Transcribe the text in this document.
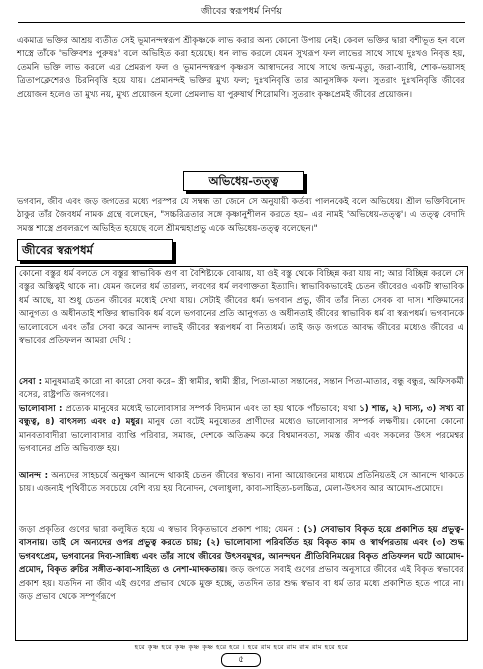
জীবের স্বরূপধর্ম নির্ণয়

একমাত্র ভক্তির আশ্রয় ব্যতীত সেই ভূমানন্দস্বরূপ শ্রীকৃষ্ণকে লাভ করার অন্য কোনো উপায় নেই। কেবল ভক্তির দ্বারা বশীভূত হন বলে শাস্ত্রে তাঁকে 'ভক্তিবশঃ পুরুষঃ' বলে অভিহিত করা হয়েছে। ধন লাভ করলে যেমন সুখরূপ ফল লাভের সাথে সাথে দুঃখও নিবৃত্ত হয়, তেমনি ভক্তি লাভ করলে এর প্রেমরূপ ফল ও ভূমানন্দস্বরূপ কৃষ্ণরস আস্বাদনের সাথে সাথে জন্ম-মৃত্যু, জরা-ব্যাধি, শোক-ভয়াসহ ত্রিতাপক্লেশেরও চিরনিবৃত্তি হয়ে যায়। প্রেমানন্দই ভক্তির মুখ্য ফল; দুঃখনিবৃত্তি তার আনুসঙ্গিক ফল। সুতরাং দুঃখনিবৃত্তি জীবের প্রয়োজন হলেও তা মুখ্য নয়, মুখ্য প্রয়োজন হলো প্রেমলাভ যা পুরুষার্থ শিরোমণি। সুতরাং কৃষ্ণপ্রেমই জীবের প্রয়োজন।

অভিধেয়-তত্ত্ব

ভগবান, জীব এবং জড় জগতের মধ্যে পরস্পর যে সম্বন্ধ তা জেনে সে অনুযায়ী কর্তব্য পালনকেই বলে অভিধেয়। শ্রীল ভক্তিবিনোদ ঠাকুর তাঁর জৈবধর্ম নামক গ্রন্থে বলেছেন, "সচ্চরিত্রতার সঙ্গে কৃষ্ণানুশীলন করতে হয়– এর নামই 'অভিধেয়-তত্ত্ব'। এ তত্ত্ব বেদাদি সমস্ত শাস্ত্রে প্রবলরূপে অভিহিত হয়েছে বলে শ্রীমন্মহাপ্রভু একে অভিধেয়-তত্ত্ব বলেছেন।"

জীবের স্বরূপধর্ম

কোনো বস্তুর ধর্ম বলতে সে বস্তুর স্বাভাবিক গুণ বা বৈশিষ্ট্যকে বোঝায়, যা ওই বস্তু থেকে বিচ্ছিন্ন করা যায় না; আর বিচ্ছিন্ন করলে সে বস্তুর অস্তিত্বই থাকে না। যেমন জলের ধর্ম তারল্য, লবণের ধর্ম লবণাক্ততা ইত্যাদি। স্বাভাবিকভাবেই চেতন জীবেরও একটি স্বাভাবিক ধর্ম আছে, যা শুধু চেতন জীবের মধ্যেই দেখা যায়। সেটাই জীবের ধর্ম। ভগবান প্রভু, জীব তাঁর নিত্য সেবক বা দাস। শক্তিমানের আনুগত্য ও অধীনতাই শক্তির স্বাভাবিক ধর্ম বলে ভগবানের প্রতি আনুগত্য ও অধীনতাই জীবের স্বাভাবিক ধর্ম বা স্বরূপধর্ম। ভগবানকে ভালোবেসে এবং তাঁর সেবা করে আনন্দ লাভই জীবের স্বরূপধর্ম বা নিত্যধর্ম। তাই জড় জগতে আবদ্ধ জীবের মধ্যেও জীবের এ স্বভাবের প্রতিফলন আমরা দেখি :

সেবা : মানুষমাত্রই কারো না কারো সেবা করে– স্ত্রী স্বামীর, স্বামী স্ত্রীর, পিতা-মাতা সন্তানের, সন্তান পিতা-মাতার, বন্ধু বন্ধুর, অফিসকর্মী বসের, রাষ্ট্রপতি জনগণের।

ভালোবাসা : প্রত্যেক মানুষের মধ্যেই ভালোবাসার সম্পর্ক বিদ্যমান এবং তা হয় থাকে পাঁচভাবে; যথা ১) শান্ত, ২) দাস্য, ৩) সখ্য বা বন্ধুত্ব, ৪) বাৎসল্য এবং ৫) মধুর। মানুষ তো বটেই মনুষ্যেতর প্রাণীদের মধ্যেও ভালোবাসার সম্পর্ক লক্ষণীয়। কোনো কোনো মানবতাবাদীরা ভালোবাসার ব্যাপ্তি পরিবার, সমাজ, দেশকে অতিক্রম করে বিশ্বমানবতা, সমস্ত জীব এবং সকলের উৎস পরমেশ্বর ভগবানের প্রতি অভিব্যক্ত হয়।

আনন্দ : অন্যদের সাহচর্যে অনুক্ষণ আনন্দে থাকাই চেতন জীবের স্বভাব। নানা আয়োজনের মাধ্যমে প্রতিনিয়তই সে আনন্দে থাকতে চায়। এজন্যই পৃথিবীতে সবচেয়ে বেশি ব্যয় হয় বিনোদন, খেলাধুলা, কাব্য-সাহিত্য-চলচ্চিত্র, মেলা-উৎসব আর আমোদ-প্রমোদে।

জড়া প্রকৃতির গুণের দ্বারা কলুষিত হয়ে এ স্বভাব বিকৃতভাবে প্রকাশ পায়; যেমন : (১) সেবাভাব বিকৃত হয়ে প্রকাশিত হয় প্রভুত্ব-বাসনায়। তাই সে অন্যদের ওপর প্রভুত্ব করতে চায়; (২) ভালোবাসা পরিবর্তিত হয় বিকৃত কাম ও স্বার্থপরতায় এবং (৩) শুদ্ধ ভগবৎপ্রেম, ভগবানের দিব্য-সান্নিধ্য এবং তাঁর সাথে জীবের উৎসবমুখর, আনন্দঘন প্রীতিবিনিময়ের বিকৃত প্রতিফলন ঘটে আমোদ-প্রমোদ, বিকৃত রুচির সঙ্গীত-কাব্য-সাহিত্য ও নেশা-মাদকতায়। জড় জগতে সবাই গুণের প্রভাব অনুসারে জীবের এই বিকৃত স্বভাবের প্রকাশ হয়। যতদিন না জীব এই গুণের প্রভাব থেকে মুক্ত হচ্ছে, ততদিন তার শুদ্ধ স্বভাব বা ধর্ম তার মধ্যে প্রকাশিত হতে পারে না। জড় প্রভাব থেকে সম্পূর্ণরূপে

হরে কৃষ্ণ হরে কৃষ্ণ কৃষ্ণ কৃষ্ণ হরে হরে । হরে রাম হরে রাম রাম রাম হরে হরে
৫
